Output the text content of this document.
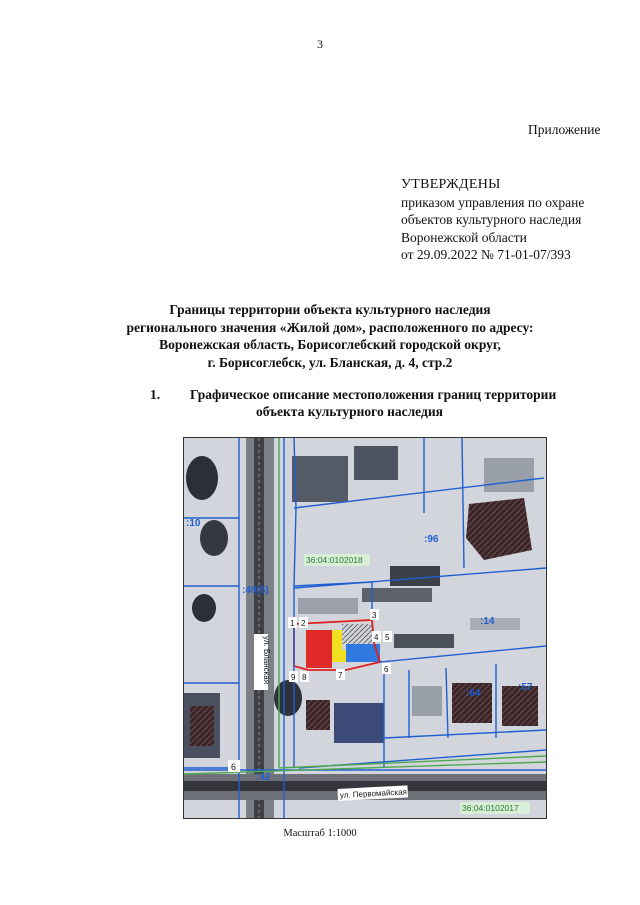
3
Приложение
УТВЕРЖДЕНЫ
приказом управления по охране
объектов культурного наследия
Воронежской области
от 29.09.2022 № 71-01-07/393
Границы территории объекта культурного наследия
регионального значения «Жилой дом», расположенного по адресу:
Воронежская область, Борисоглебский городской округ,
г. Борисоглебск, ул. Бланская, д. 4, стр.2
1. Графическое описание местоположения границ территории
объекта культурного наследия
:10
:49(5)
:96
:14
:64
:57
:42
6
36:04:0102018
36:04:0102017
ул. Бланская
ул. Первомайская
1 2
3
4 5
6
7
8
9
Масштаб 1:1000
